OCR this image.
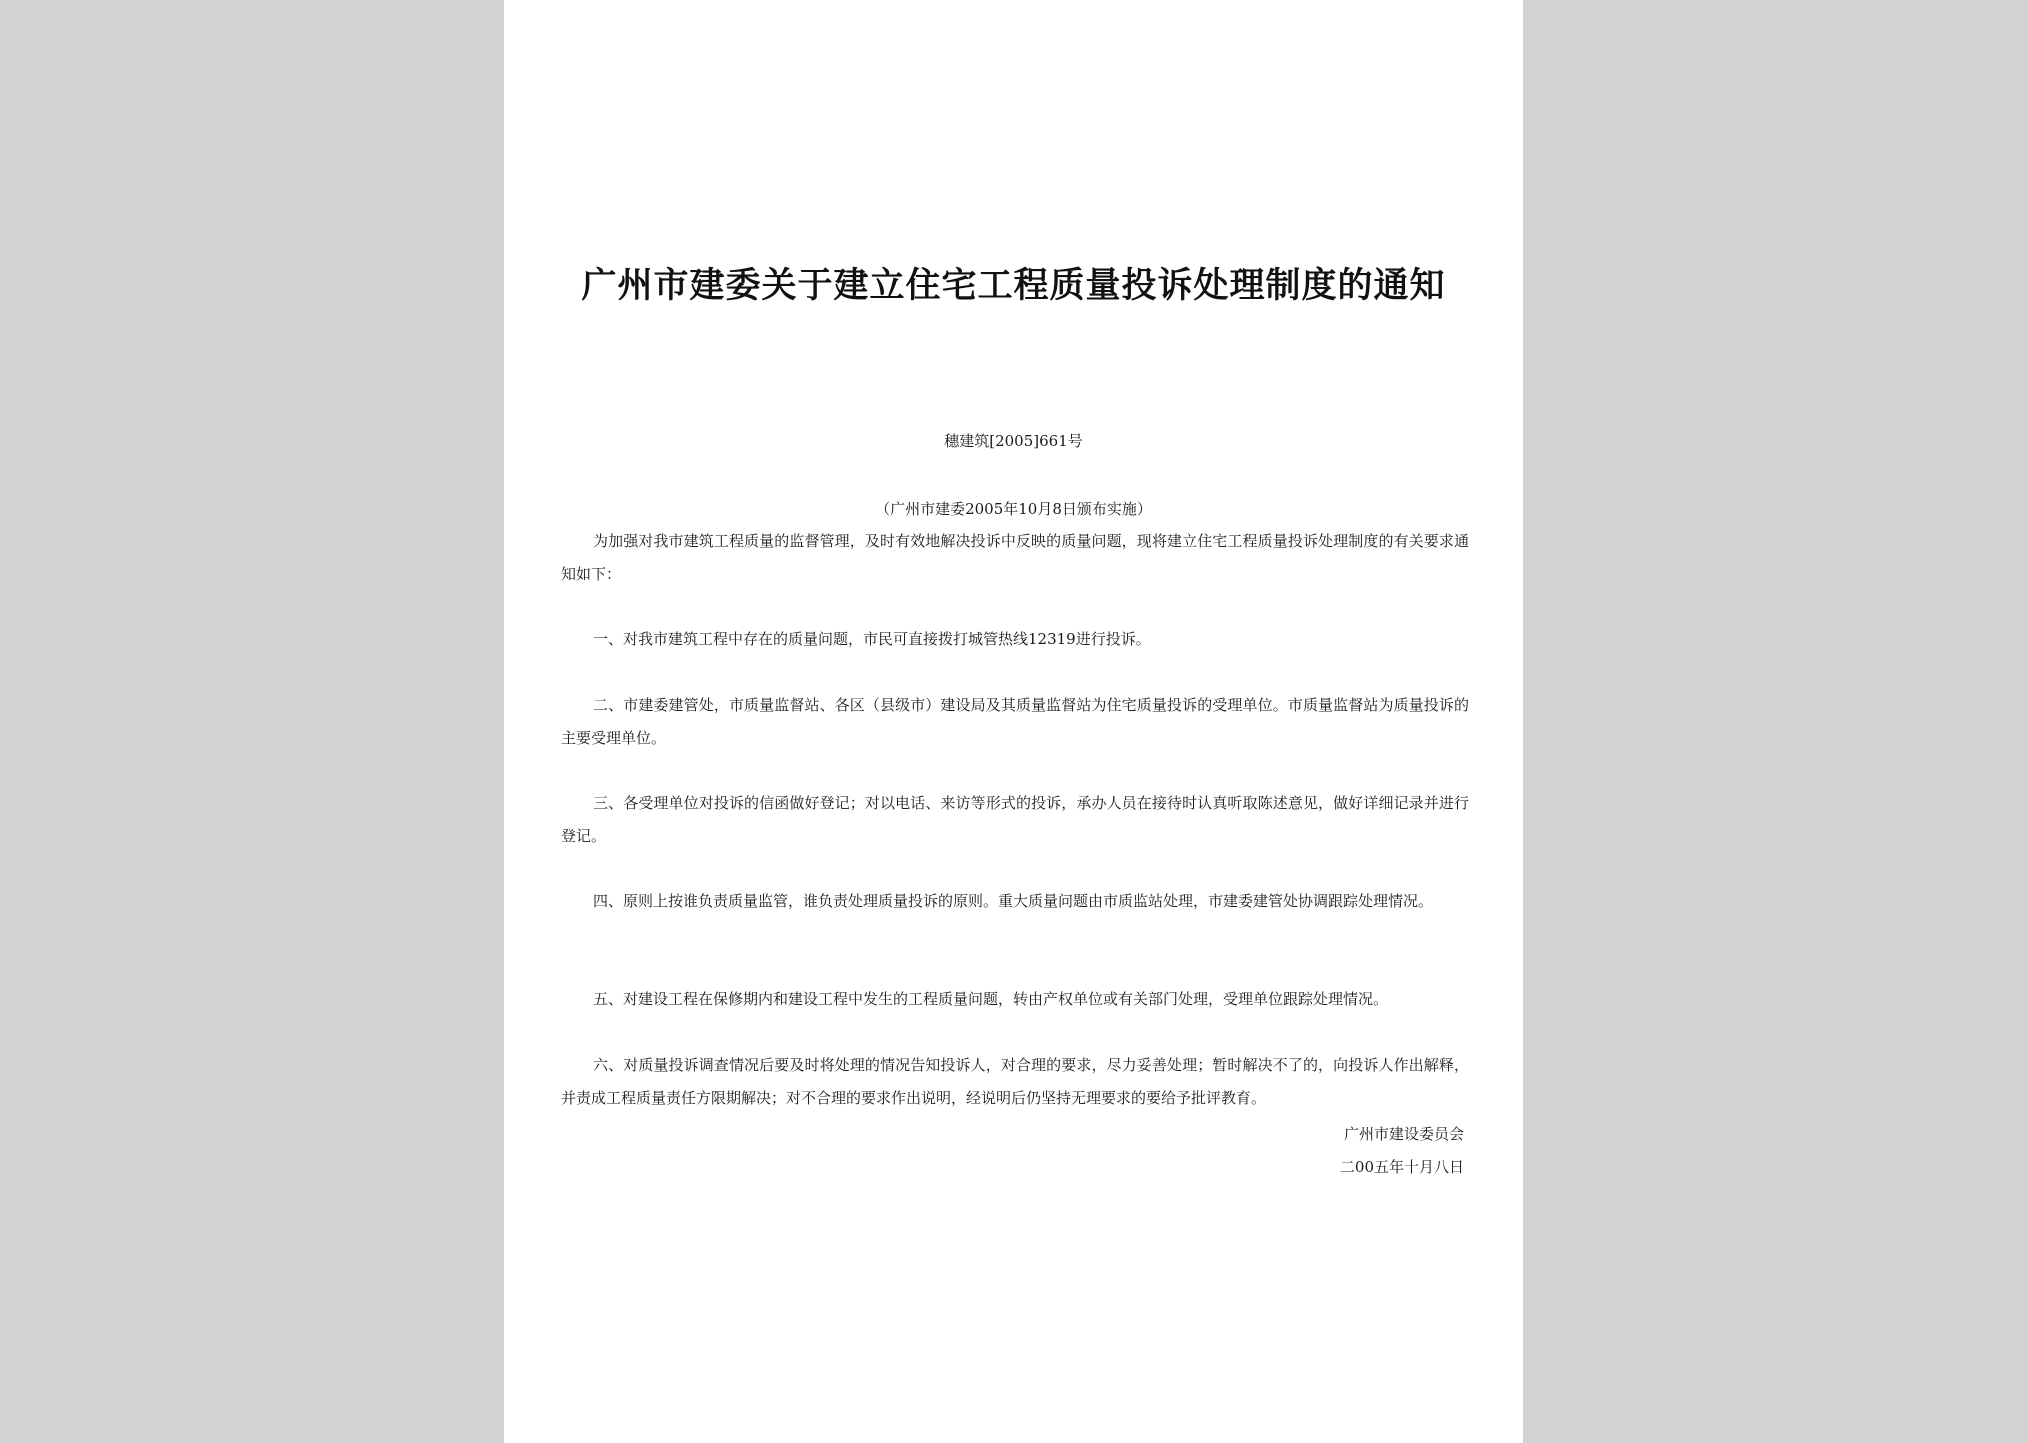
广州市建委关于建立住宅工程质量投诉处理制度的通知
穗建筑[2005]661号
（广州市建委2005年10月8日颁布实施）

为加强对我市建筑工程质量的监督管理，及时有效地解决投诉中反映的质量问题，现将建立住宅工程质量投诉处理制度的有关要求通知如下：

一、对我市建筑工程中存在的质量问题，市民可直接拨打城管热线12319进行投诉。

二、市建委建管处，市质量监督站、各区（县级市）建设局及其质量监督站为住宅质量投诉的受理单位。市质量监督站为质量投诉的主要受理单位。

三、各受理单位对投诉的信函做好登记；对以电话、来访等形式的投诉，承办人员在接待时认真听取陈述意见，做好详细记录并进行登记。

四、原则上按谁负责质量监管，谁负责处理质量投诉的原则。重大质量问题由市质监站处理，市建委建管处协调跟踪处理情况。

五、对建设工程在保修期内和建设工程中发生的工程质量问题，转由产权单位或有关部门处理，受理单位跟踪处理情况。

六、对质量投诉调查情况后要及时将处理的情况告知投诉人，对合理的要求，尽力妥善处理；暂时解决不了的，向投诉人作出解释，并责成工程质量责任方限期解决；对不合理的要求作出说明，经说明后仍坚持无理要求的要给予批评教育。

广州市建设委员会
二00五年十月八日
